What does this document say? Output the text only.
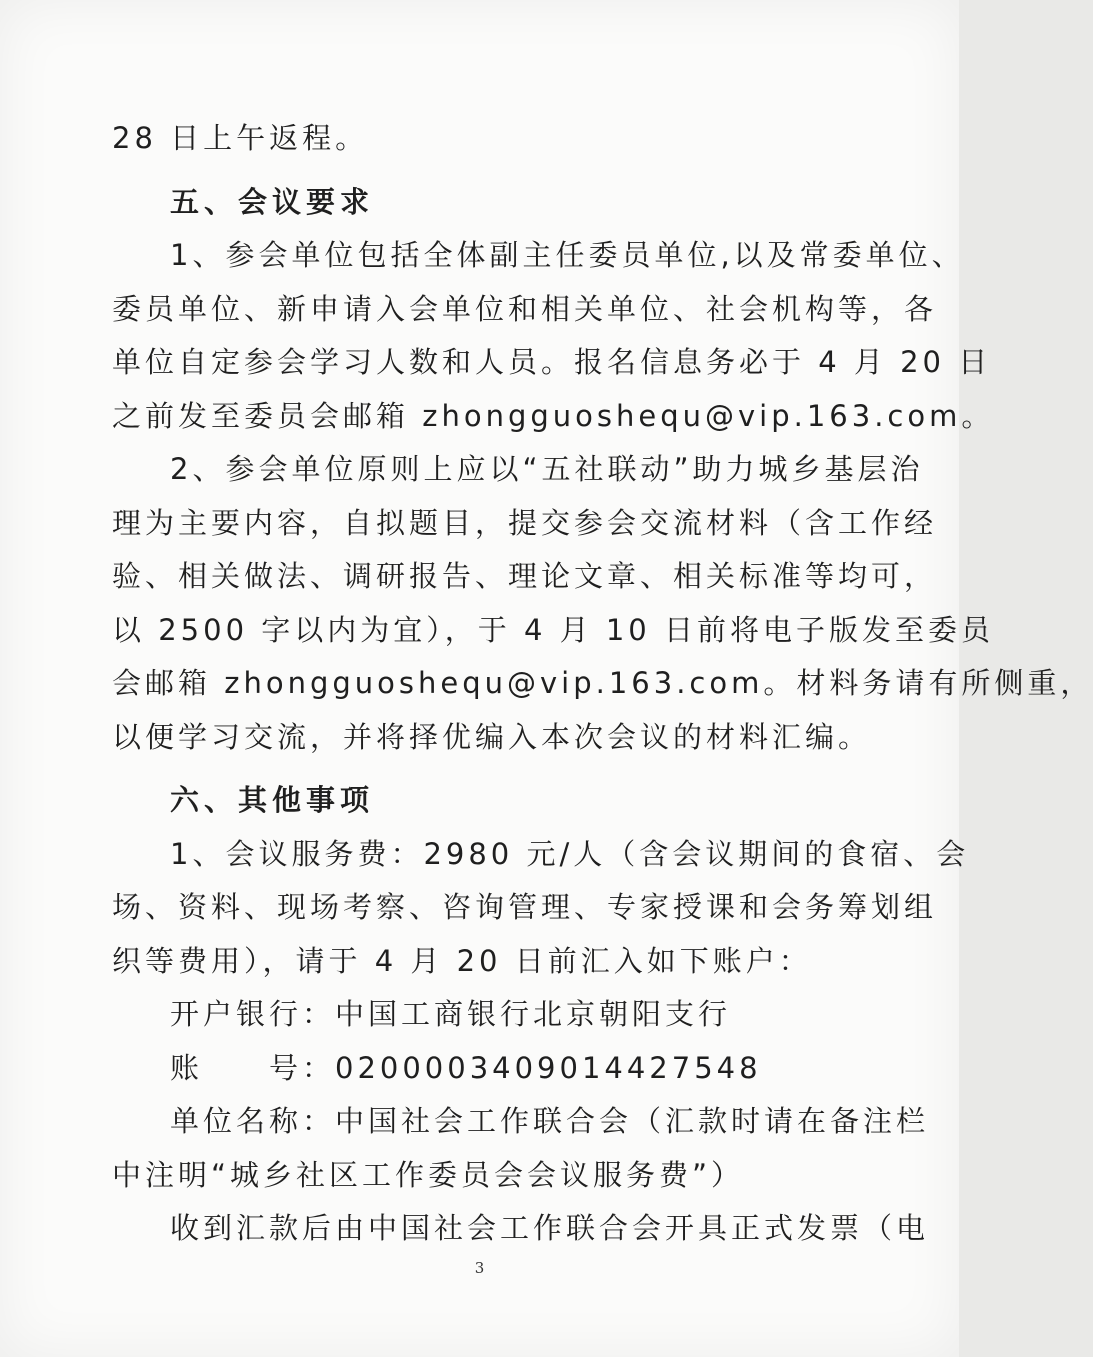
28 日上午返程。
五、会议要求
1、参会单位包括全体副主任委员单位,以及常委单位、
委员单位、新申请入会单位和相关单位、社会机构等，各
单位自定参会学习人数和人员。报名信息务必于 4 月 20 日
之前发至委员会邮箱 zhongguoshequ@vip.163.com。
2、参会单位原则上应以“五社联动”助力城乡基层治
理为主要内容，自拟题目，提交参会交流材料（含工作经
验、相关做法、调研报告、理论文章、相关标准等均可，
以 2500 字以内为宜），于 4 月 10 日前将电子版发至委员
会邮箱 zhongguoshequ@vip.163.com。材料务请有所侧重，
以便学习交流，并将择优编入本次会议的材料汇编。
六、其他事项
1、会议服务费：2980 元/人（含会议期间的食宿、会
场、资料、现场考察、咨询管理、专家授课和会务筹划组
织等费用），请于 4 月 20 日前汇入如下账户：
开户银行：中国工商银行北京朝阳支行
账　　号：0200003409014427548
单位名称：中国社会工作联合会（汇款时请在备注栏
中注明“城乡社区工作委员会会议服务费”）
收到汇款后由中国社会工作联合会开具正式发票（电
3
